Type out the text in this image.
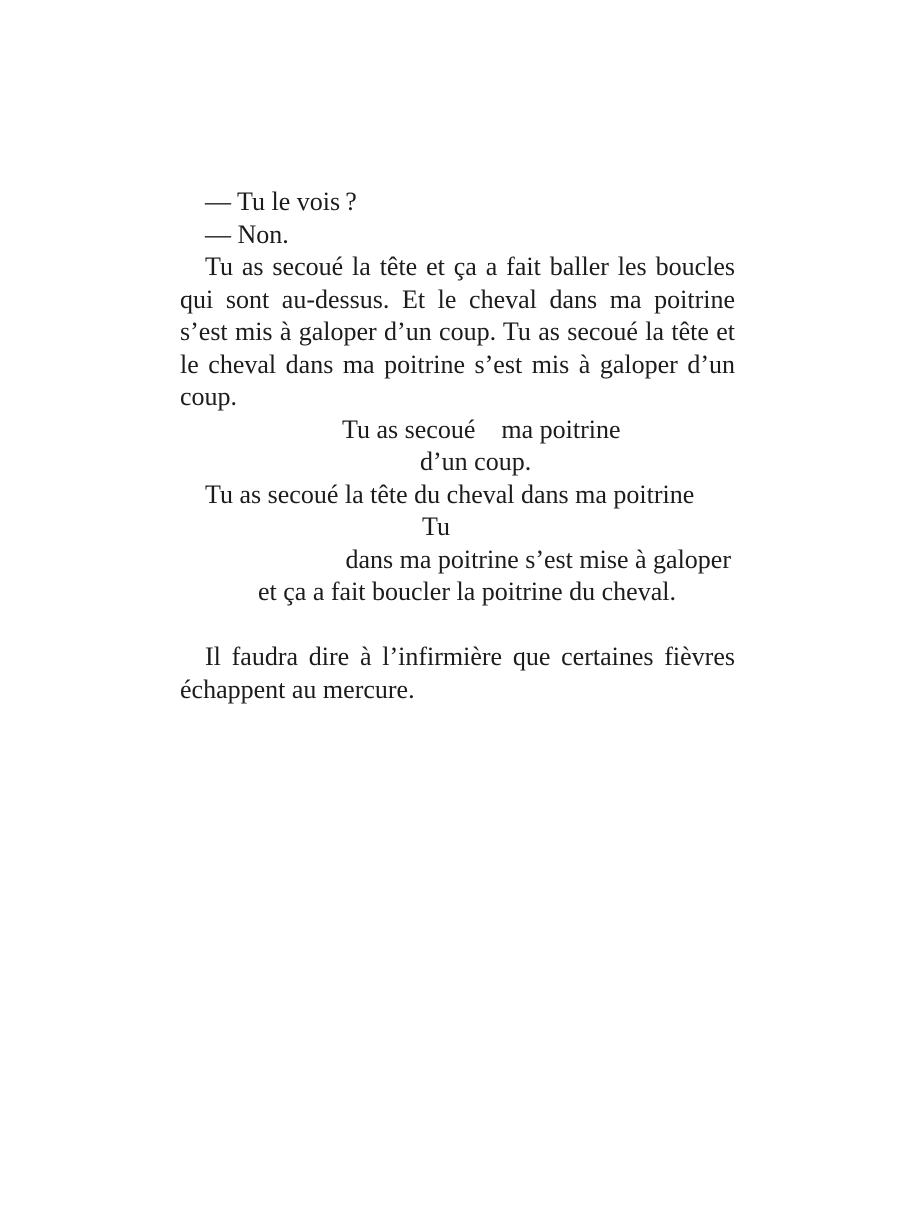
— Tu le vois ?
— Non.
Tu as secoué la tête et ça a fait baller les boucles
qui sont au-dessus. Et le cheval dans ma poitrine
s’est mis à galoper d’un coup. Tu as secoué la tête et
le cheval dans ma poitrine s’est mis à galoper d’un
coup.
Tu as secoué    ma poitrine
d’un coup.
Tu as secoué la tête du cheval dans ma poitrine
Tu
dans ma poitrine s’est mise à galoper
et ça a fait boucler la poitrine du cheval.
Il faudra dire à l’infirmière que certaines fièvres
échappent au mercure.
